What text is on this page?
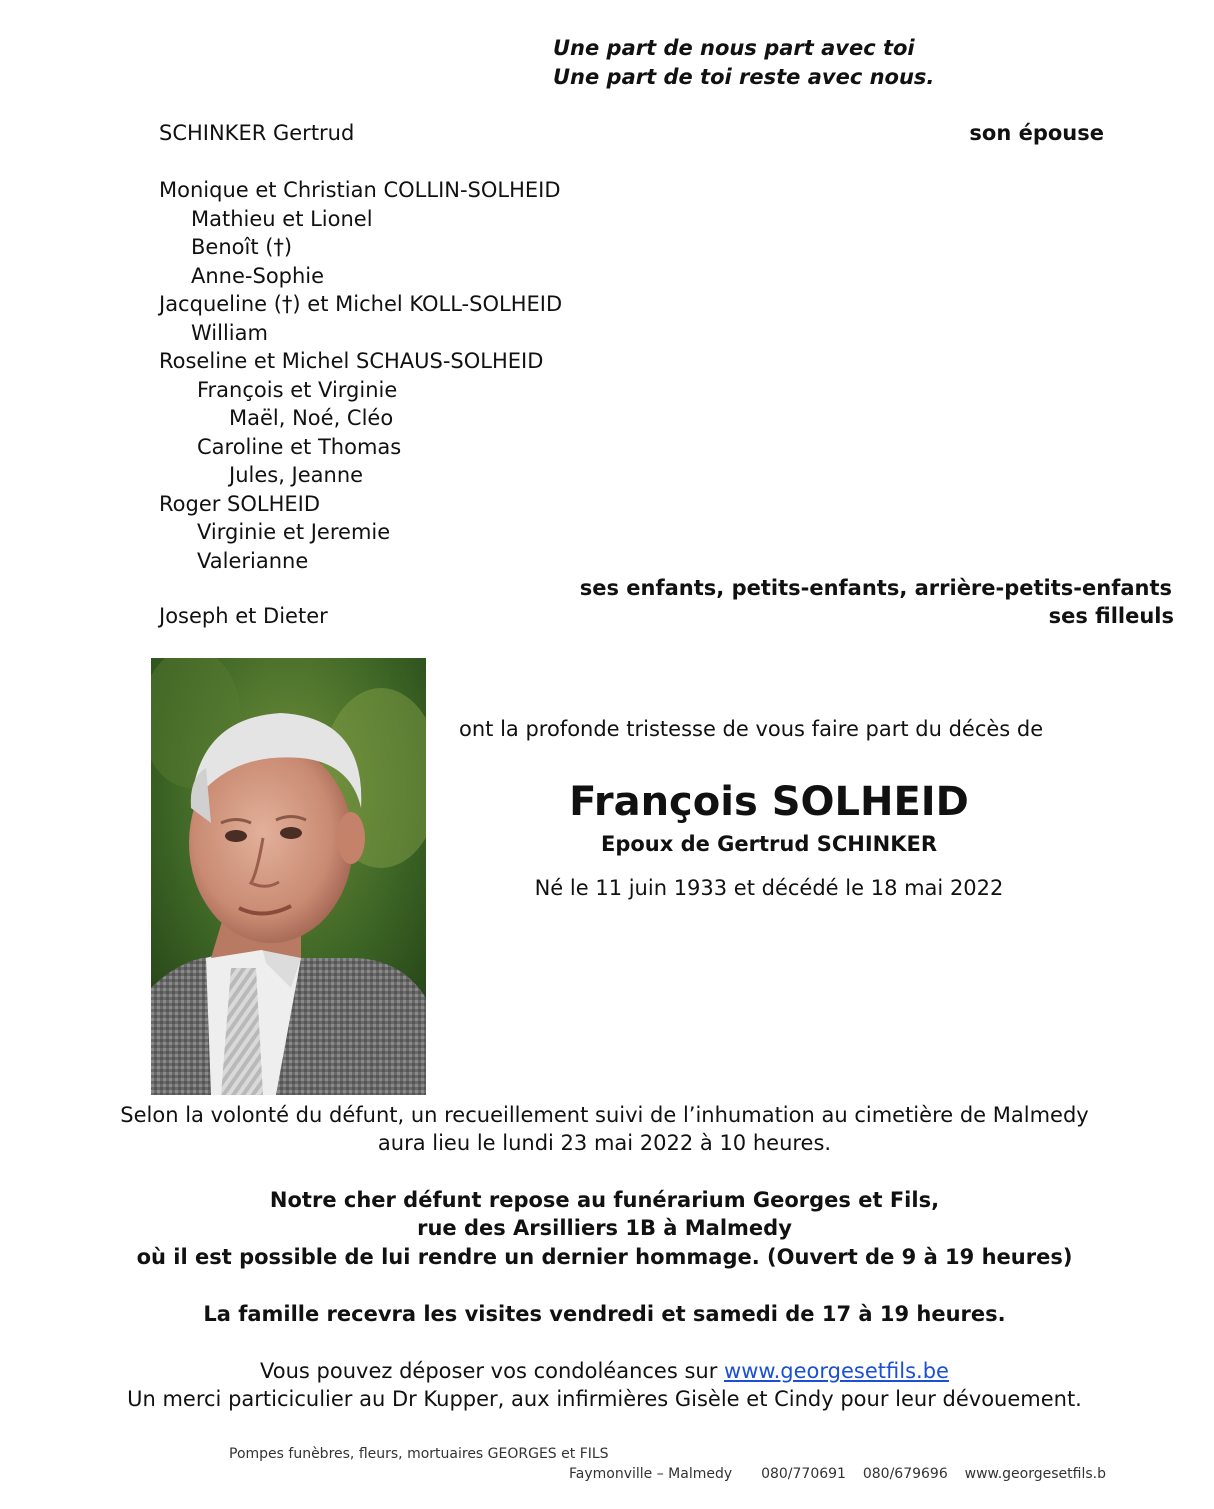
Une part de nous part avec toi
Une part de toi reste avec nous.
SCHINKER Gertrud	son épouse
Monique et Christian COLLIN-SOLHEID
Mathieu et Lionel
Benoît (†)
Anne-Sophie
Jacqueline (†) et Michel KOLL-SOLHEID
William
Roseline et Michel SCHAUS-SOLHEID
François et Virginie
Maël, Noé, Cléo
Caroline et Thomas
Jules, Jeanne
Roger SOLHEID
Virginie et Jeremie
Valerianne
ses enfants, petits-enfants, arrière-petits-enfants
Joseph et Dieter	ses filleuls
ont la profonde tristesse de vous faire part du décès de
François SOLHEID
Epoux de Gertrud SCHINKER
Né le 11 juin 1933 et décédé le 18 mai 2022
Selon la volonté du défunt, un recueillement suivi de l’inhumation au cimetière de Malmedy
aura lieu le lundi 23 mai 2022 à 10 heures.
Notre cher défunt repose au funérarium Georges et Fils,
rue des Arsilliers 1B à Malmedy
où il est possible de lui rendre un dernier hommage. (Ouvert de 9 à 19 heures)
La famille recevra les visites vendredi et samedi de 17 à 19 heures.
Vous pouvez déposer vos condoléances sur www.georgesetfils.be
Un merci particiculier au Dr Kupper, aux infirmières Gisèle et Cindy pour leur dévouement.
Pompes funèbres, fleurs, mortuaires GEORGES et FILS
Faymonville – Malmedy 080/770691 080/679696 www.georgesetfils.b
